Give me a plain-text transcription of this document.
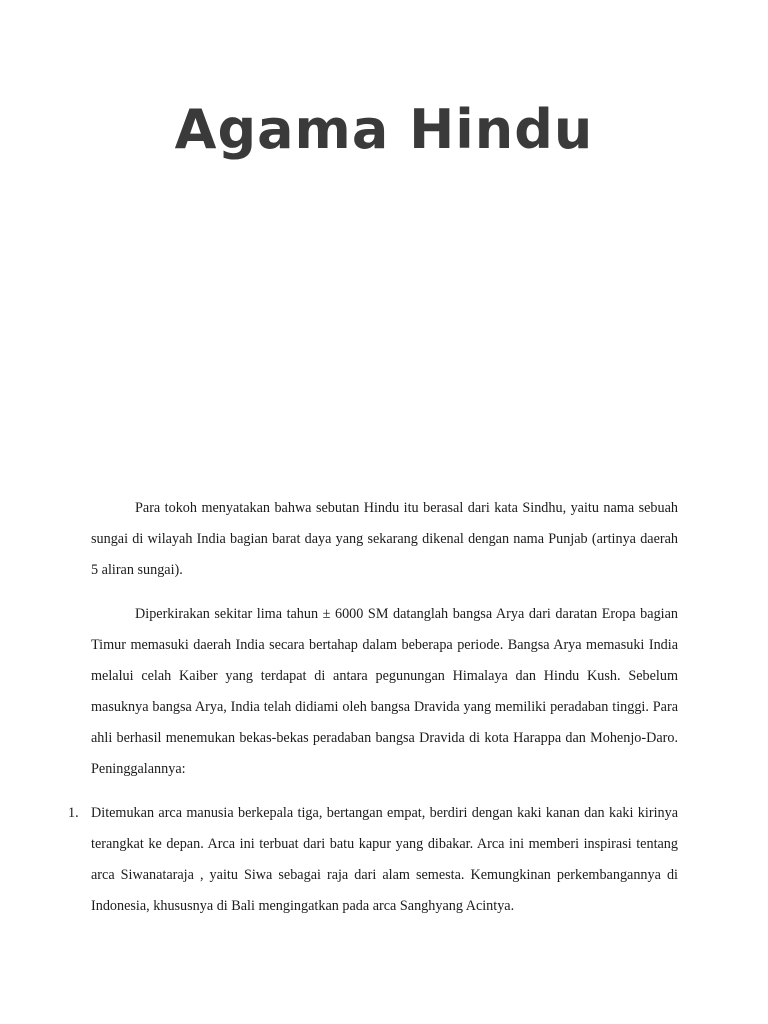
Agama Hindu

Para tokoh menyatakan bahwa sebutan Hindu itu berasal dari kata Sindhu, yaitu nama sebuah sungai di wilayah India bagian barat daya yang sekarang dikenal dengan nama Punjab (artinya daerah 5 aliran sungai).

Diperkirakan sekitar lima tahun ± 6000 SM datanglah bangsa Arya dari daratan Eropa bagian Timur memasuki daerah India secara bertahap dalam beberapa periode. Bangsa Arya memasuki India melalui celah Kaiber yang terdapat di antara pegunungan Himalaya dan Hindu Kush. Sebelum masuknya bangsa Arya, India telah didiami oleh bangsa Dravida yang memiliki peradaban tinggi. Para ahli berhasil menemukan bekas-bekas peradaban bangsa Dravida di kota Harappa dan Mohenjo-Daro. Peninggalannya:

1. Ditemukan arca manusia berkepala tiga, bertangan empat, berdiri dengan kaki kanan dan kaki kirinya terangkat ke depan. Arca ini terbuat dari batu kapur yang dibakar. Arca ini memberi inspirasi tentang arca Siwanataraja , yaitu Siwa sebagai raja dari alam semesta. Kemungkinan perkembangannya di Indonesia, khususnya di Bali mengingatkan pada arca Sanghyang Acintya.
